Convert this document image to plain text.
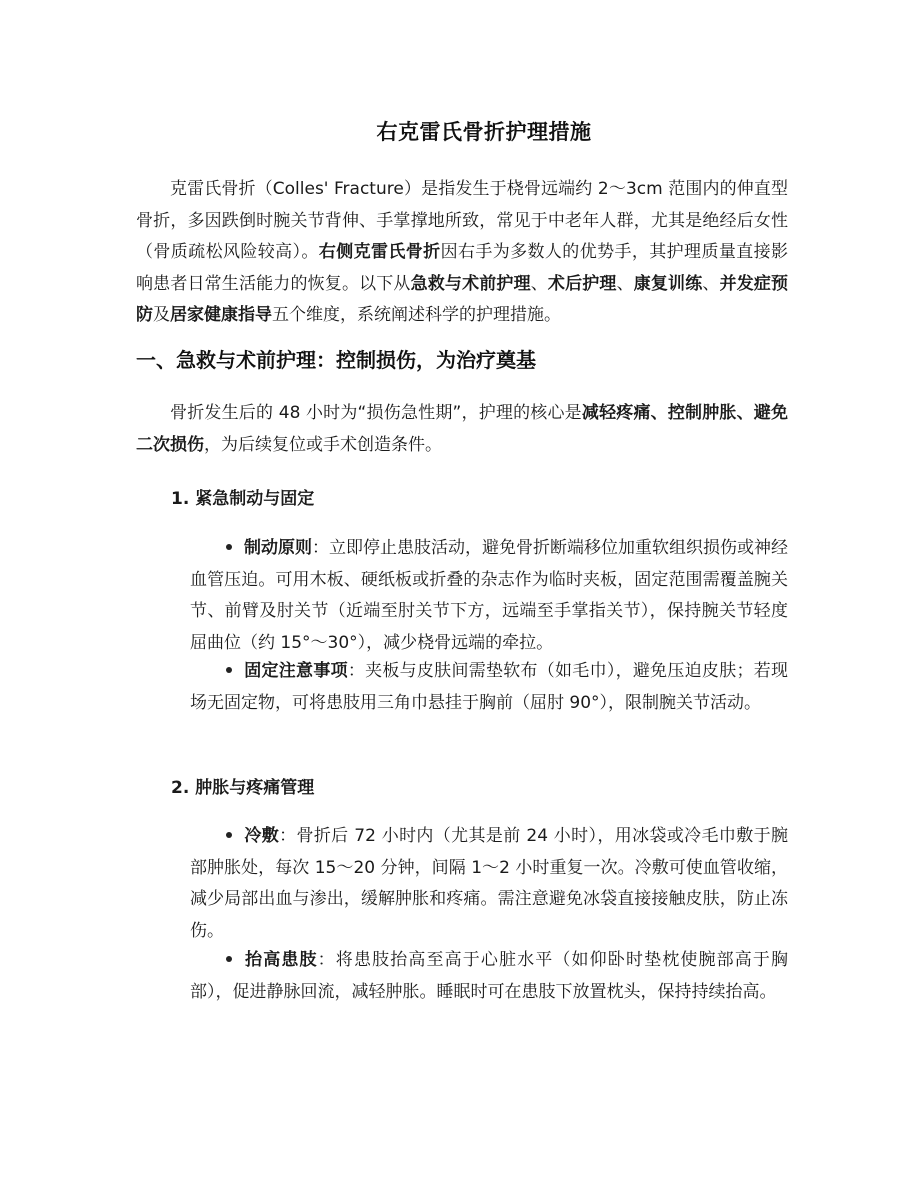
右克雷氏骨折护理措施

克雷氏骨折（Colles' Fracture）是指发生于桡骨远端约 2～3cm 范围内的伸直型骨折，多因跌倒时腕关节背伸、手掌撑地所致，常见于中老年人群，尤其是绝经后女性（骨质疏松风险较高）。右侧克雷氏骨折因右手为多数人的优势手，其护理质量直接影响患者日常生活能力的恢复。以下从急救与术前护理、术后护理、康复训练、并发症预防及居家健康指导五个维度，系统阐述科学的护理措施。

一、急救与术前护理：控制损伤，为治疗奠基

骨折发生后的 48 小时为“损伤急性期”，护理的核心是减轻疼痛、控制肿胀、避免二次损伤，为后续复位或手术创造条件。

1. 紧急制动与固定

制动原则：立即停止患肢活动，避免骨折断端移位加重软组织损伤或神经血管压迫。可用木板、硬纸板或折叠的杂志作为临时夹板，固定范围需覆盖腕关节、前臂及肘关节（近端至肘关节下方，远端至手掌指关节），保持腕关节轻度屈曲位（约 15°～30°），减少桡骨远端的牵拉。

固定注意事项：夹板与皮肤间需垫软布（如毛巾），避免压迫皮肤；若现场无固定物，可将患肢用三角巾悬挂于胸前（屈肘 90°），限制腕关节活动。

2. 肿胀与疼痛管理

冷敷：骨折后 72 小时内（尤其是前 24 小时），用冰袋或冷毛巾敷于腕部肿胀处，每次 15～20 分钟，间隔 1～2 小时重复一次。冷敷可使血管收缩，减少局部出血与渗出，缓解肿胀和疼痛。需注意避免冰袋直接接触皮肤，防止冻伤。

抬高患肢：将患肢抬高至高于心脏水平（如仰卧时垫枕使腕部高于胸部），促进静脉回流，减轻肿胀。睡眠时可在患肢下放置枕头，保持持续抬高。
